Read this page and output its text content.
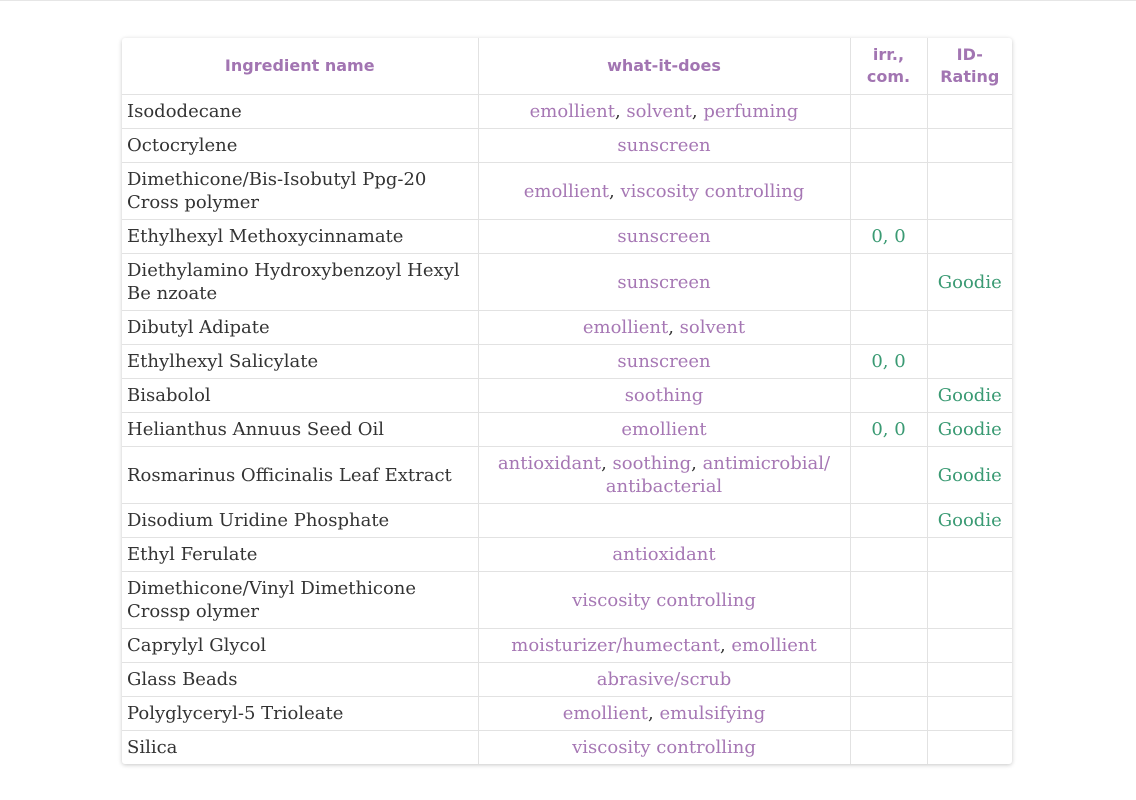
Ingredient name	what-it-does	irr., com.	ID-Rating
Isododecane	emollient, solvent, perfuming		
Octocrylene	sunscreen		
Dimethicone/Bis-Isobutyl Ppg-20 Cross polymer	emollient, viscosity controlling		
Ethylhexyl Methoxycinnamate	sunscreen	0, 0	
Diethylamino Hydroxybenzoyl Hexyl Be nzoate	sunscreen		Goodie
Dibutyl Adipate	emollient, solvent		
Ethylhexyl Salicylate	sunscreen	0, 0	
Bisabolol	soothing		Goodie
Helianthus Annuus Seed Oil	emollient	0, 0	Goodie
Rosmarinus Officinalis Leaf Extract	antioxidant, soothing, antimicrobial/ antibacterial		Goodie
Disodium Uridine Phosphate			Goodie
Ethyl Ferulate	antioxidant		
Dimethicone/Vinyl Dimethicone Crossp olymer	viscosity controlling		
Caprylyl Glycol	moisturizer/humectant, emollient		
Glass Beads	abrasive/scrub		
Polyglyceryl-5 Trioleate	emollient, emulsifying		
Silica	viscosity controlling		
